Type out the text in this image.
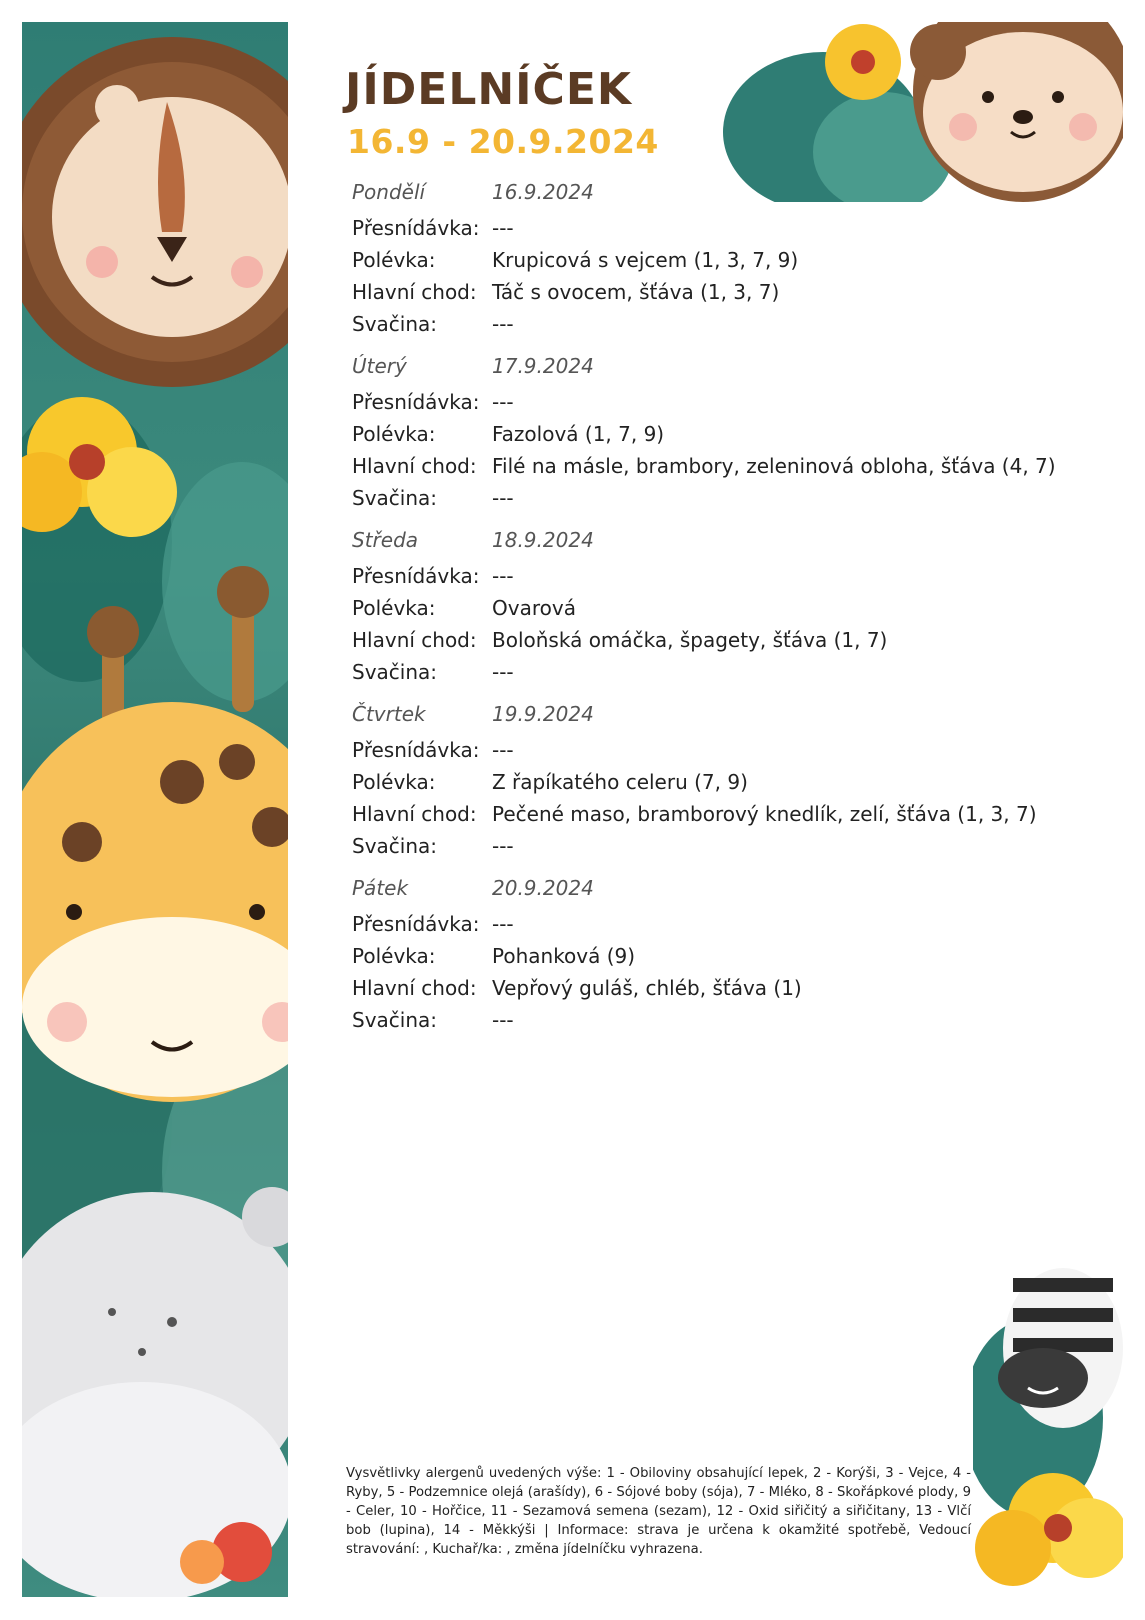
JÍDELNÍČEK
16.9 - 20.9.2024
Pondělí	16.9.2024
Přesnídávka: ---
Polévka:	Krupicová s vejcem (1, 3, 7, 9)
Hlavní chod: Táč s ovocem, šťáva (1, 3, 7)
Svačina:	---
Úterý	17.9.2024
Přesnídávka: ---
Polévka:	Fazolová (1, 7, 9)
Hlavní chod: Filé na másle, brambory, zeleninová obloha, šťáva (4, 7)
Svačina:	---
Středa	18.9.2024
Přesnídávka: ---
Polévka:	Ovarová
Hlavní chod: Boloňská omáčka, špagety, šťáva (1, 7)
Svačina:	---
Čtvrtek	19.9.2024
Přesnídávka: ---
Polévka:	Z řapíkatého celeru (7, 9)
Hlavní chod: Pečené maso, bramborový knedlík, zelí, šťáva (1, 3, 7)
Svačina:	---
Pátek	20.9.2024
Přesnídávka: ---
Polévka:	Pohanková (9)
Hlavní chod: Vepřový guláš, chléb, šťáva (1)
Svačina:	---
Vysvětlivky alergenů uvedených výše: 1 - Obiloviny obsahující lepek, 2 - Korýši, 3 - Vejce, 4 - Ryby, 5 - Podzemnice olejá (arašídy), 6 - Sójové boby (sója), 7 - Mléko, 8 - Skořápkové plody, 9 - Celer, 10 - Hořčice, 11 - Sezamová semena (sezam), 12 - Oxid siřičitý a siřičitany, 13 - Vlčí bob (lupina), 14 - Měkkýši | Informace: strava je určena k okamžité spotřebě, Vedoucí stravování: , Kuchař/ka: , změna jídelníčku vyhrazena.
